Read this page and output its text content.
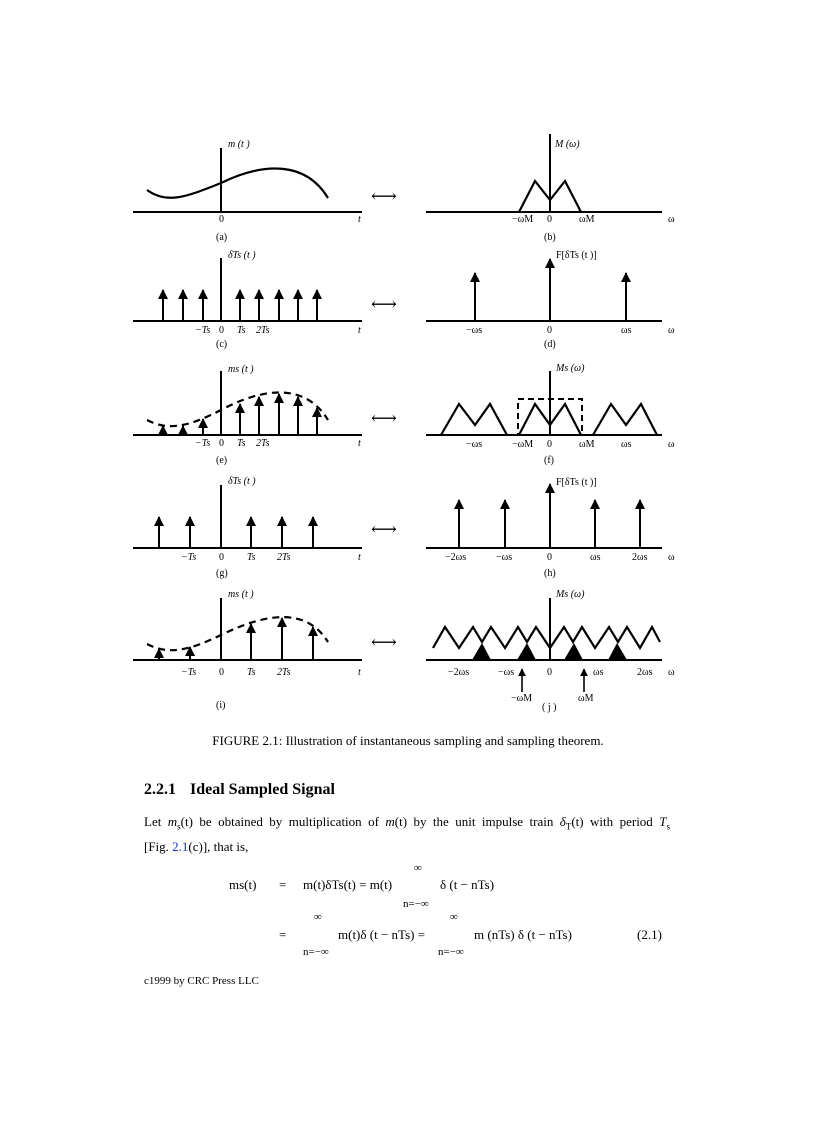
m (t )
0	t
(a)
⟷
M (ω)
−ωM 0	ωM	ω
(b)
δTs (t )
−Ts 0 Ts 2Ts	t
(c)
⟷
F[δTs (t )]
−ωs	0	ωs	ω
(d)
ms (t )
−Ts 0 Ts 2Ts	t
(e)
⟷
Ms (ω)
−ωs	−ωM 0	ωM	ωs	ω
(f)
δTs (t )
−Ts 0 Ts 2Ts	t
(g)
⟷
F[δTs (t )]
−2ωs	−ωs	0	ωs	2ωs ω
(h)
ms (t )
−Ts 0 Ts 2Ts	t
(i)
⟷
Ms (ω)
−2ωs	−ωs	0	ωs	2ωs
−ωM	ωM
ω
( j )
FIGURE 2.1: Illustration of instantaneous sampling and sampling theorem.
2.2.1 Ideal Sampled Signal
Let $m_s(t)$ be obtained by multiplication of m(t) by the unit impulse train $\delta_T(t)$ with period $T_s$
[Fig. 2.1(c)], that is,
ms(t) = m(t)δTs(t) = m(t)
∞
n=−∞
δ (t − nTs)
=
∞
n=−∞
m(t)δ (t − nTs) =
∞
n=−∞
m (nTs) δ (t − nTs)	(2.1)
c1999 by CRC Press LLC
